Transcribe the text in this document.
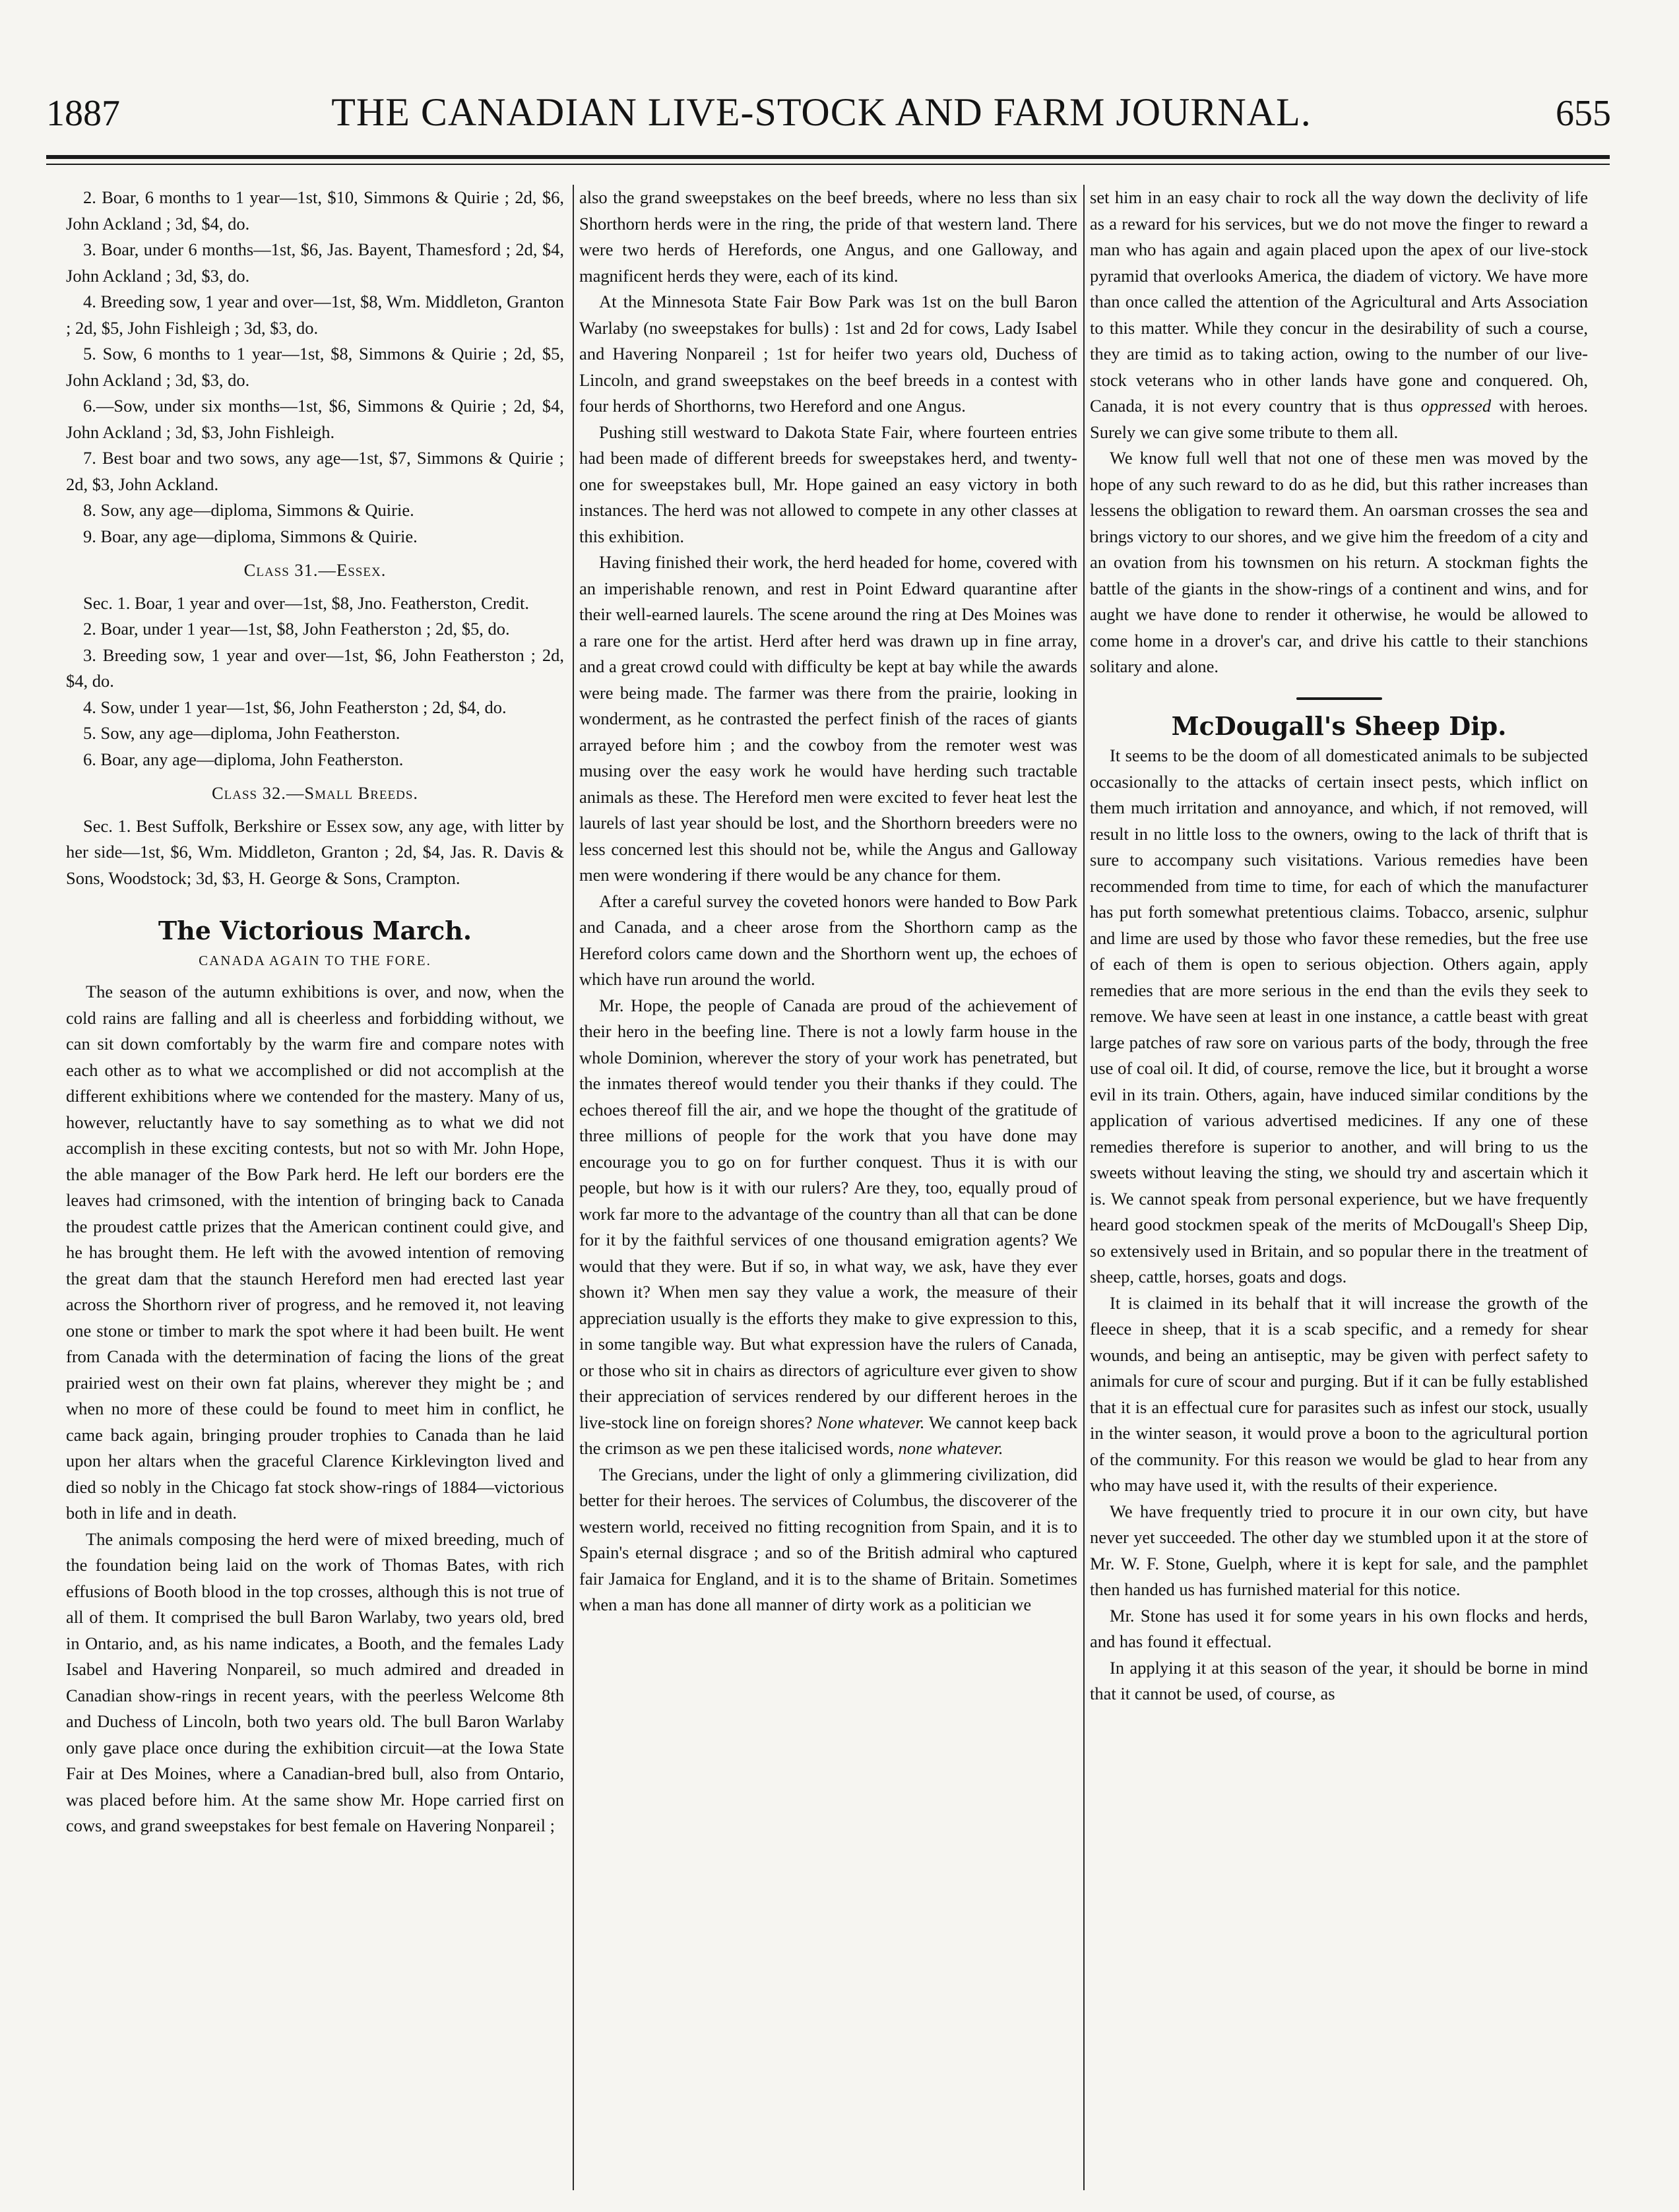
1887	THE CANADIAN LIVE-STOCK AND FARM JOURNAL.	655

2. Boar, 6 months to 1 year—1st, $10, Simmons & Quirie ; 2d, $6, John Ackland ; 3d, $4, do.

3. Boar, under 6 months—1st, $6, Jas. Bayent, Thamesford ; 2d, $4, John Ackland ; 3d, $3, do.

4. Breeding sow, 1 year and over—1st, $8, Wm. Middleton, Granton ; 2d, $5, John Fishleigh ; 3d, $3, do.

5. Sow, 6 months to 1 year—1st, $8, Simmons & Quirie ; 2d, $5, John Ackland ; 3d, $3, do.

6.—Sow, under six months—1st, $6, Simmons & Quirie ; 2d, $4, John Ackland ; 3d, $3, John Fishleigh.

7. Best boar and two sows, any age—1st, $7, Simmons & Quirie ; 2d, $3, John Ackland.

8. Sow, any age—diploma, Simmons & Quirie.

9. Boar, any age—diploma, Simmons & Quirie.

Class 31.—Essex.

Sec. 1. Boar, 1 year and over—1st, $8, Jno. Featherston, Credit.

2. Boar, under 1 year—1st, $8, John Featherston ; 2d, $5, do.

3. Breeding sow, 1 year and over—1st, $6, John Featherston ; 2d, $4, do.

4. Sow, under 1 year—1st, $6, John Featherston ; 2d, $4, do.

5. Sow, any age—diploma, John Featherston.

6. Boar, any age—diploma, John Featherston.

Class 32.—Small Breeds.

Sec. 1. Best Suffolk, Berkshire or Essex sow, any age, with litter by her side—1st, $6, Wm. Middleton, Granton ; 2d, $4, Jas. R. Davis & Sons, Woodstock; 3d, $3, H. George & Sons, Crampton.

The Victorious March.
CANADA AGAIN TO THE FORE.

The season of the autumn exhibitions is over, and now, when the cold rains are falling and all is cheerless and forbidding without, we can sit down comfortably by the warm fire and compare notes with each other as to what we accomplished or did not accomplish at the different exhibitions where we contended for the mastery. Many of us, however, reluctantly have to say something as to what we did not accomplish in these exciting contests, but not so with Mr. John Hope, the able manager of the Bow Park herd. He left our borders ere the leaves had crimsoned, with the intention of bringing back to Canada the proudest cattle prizes that the American continent could give, and he has brought them. He left with the avowed intention of removing the great dam that the staunch Hereford men had erected last year across the Shorthorn river of progress, and he removed it, not leaving one stone or timber to mark the spot where it had been built. He went from Canada with the determination of facing the lions of the great prairied west on their own fat plains, wherever they might be ; and when no more of these could be found to meet him in conflict, he came back again, bringing prouder trophies to Canada than he laid upon her altars when the graceful Clarence Kirklevington lived and died so nobly in the Chicago fat stock show-rings of 1884—victorious both in life and in death.

The animals composing the herd were of mixed breeding, much of the foundation being laid on the work of Thomas Bates, with rich effusions of Booth blood in the top crosses, although this is not true of all of them. It comprised the bull Baron Warlaby, two years old, bred in Ontario, and, as his name indicates, a Booth, and the females Lady Isabel and Havering Nonpareil, so much admired and dreaded in Canadian show-rings in recent years, with the peerless Welcome 8th and Duchess of Lincoln, both two years old. The bull Baron Warlaby only gave place once during the exhibition circuit—at the Iowa State Fair at Des Moines, where a Canadian-bred bull, also from Ontario, was placed before him. At the same show Mr. Hope carried first on cows, and grand sweepstakes for best female on Havering Nonpareil ;

also the grand sweepstakes on the beef breeds, where no less than six Shorthorn herds were in the ring, the pride of that western land. There were two herds of Herefords, one Angus, and one Galloway, and magnificent herds they were, each of its kind.

At the Minnesota State Fair Bow Park was 1st on the bull Baron Warlaby (no sweepstakes for bulls) : 1st and 2d for cows, Lady Isabel and Havering Nonpareil ; 1st for heifer two years old, Duchess of Lincoln, and grand sweepstakes on the beef breeds in a contest with four herds of Shorthorns, two Hereford and one Angus.

Pushing still westward to Dakota State Fair, where fourteen entries had been made of different breeds for sweepstakes herd, and twenty-one for sweepstakes bull, Mr. Hope gained an easy victory in both instances. The herd was not allowed to compete in any other classes at this exhibition.

Having finished their work, the herd headed for home, covered with an imperishable renown, and rest in Point Edward quarantine after their well-earned laurels. The scene around the ring at Des Moines was a rare one for the artist. Herd after herd was drawn up in fine array, and a great crowd could with difficulty be kept at bay while the awards were being made. The farmer was there from the prairie, looking in wonderment, as he contrasted the perfect finish of the races of giants arrayed before him ; and the cowboy from the remoter west was musing over the easy work he would have herding such tractable animals as these. The Hereford men were excited to fever heat lest the laurels of last year should be lost, and the Shorthorn breeders were no less concerned lest this should not be, while the Angus and Galloway men were wondering if there would be any chance for them.

After a careful survey the coveted honors were handed to Bow Park and Canada, and a cheer arose from the Shorthorn camp as the Hereford colors came down and the Shorthorn went up, the echoes of which have run around the world.

Mr. Hope, the people of Canada are proud of the achievement of their hero in the beefing line. There is not a lowly farm house in the whole Dominion, wherever the story of your work has penetrated, but the inmates thereof would tender you their thanks if they could. The echoes thereof fill the air, and we hope the thought of the gratitude of three millions of people for the work that you have done may encourage you to go on for further conquest. Thus it is with our people, but how is it with our rulers? Are they, too, equally proud of work far more to the advantage of the country than all that can be done for it by the faithful services of one thousand emigration agents? We would that they were. But if so, in what way, we ask, have they ever shown it? When men say they value a work, the measure of their appreciation usually is the efforts they make to give expression to this, in some tangible way. But what expression have the rulers of Canada, or those who sit in chairs as directors of agriculture ever given to show their appreciation of services rendered by our different heroes in the live-stock line on foreign shores? None whatever. We cannot keep back the crimson as we pen these italicised words, none whatever.

The Grecians, under the light of only a glimmering civilization, did better for their heroes. The services of Columbus, the discoverer of the western world, received no fitting recognition from Spain, and it is to Spain's eternal disgrace ; and so of the British admiral who captured fair Jamaica for England, and it is to the shame of Britain. Sometimes when a man has done all manner of dirty work as a politician we

set him in an easy chair to rock all the way down the declivity of life as a reward for his services, but we do not move the finger to reward a man who has again and again placed upon the apex of our live-stock pyramid that overlooks America, the diadem of victory. We have more than once called the attention of the Agricultural and Arts Association to this matter. While they concur in the desirability of such a course, they are timid as to taking action, owing to the number of our live-stock veterans who in other lands have gone and conquered. Oh, Canada, it is not every country that is thus oppressed with heroes. Surely we can give some tribute to them all.

We know full well that not one of these men was moved by the hope of any such reward to do as he did, but this rather increases than lessens the obligation to reward them. An oarsman crosses the sea and brings victory to our shores, and we give him the freedom of a city and an ovation from his townsmen on his return. A stockman fights the battle of the giants in the show-rings of a continent and wins, and for aught we have done to render it otherwise, he would be allowed to come home in a drover's car, and drive his cattle to their stanchions solitary and alone.

McDougall's Sheep Dip.

It seems to be the doom of all domesticated animals to be subjected occasionally to the attacks of certain insect pests, which inflict on them much irritation and annoyance, and which, if not removed, will result in no little loss to the owners, owing to the lack of thrift that is sure to accompany such visitations. Various remedies have been recommended from time to time, for each of which the manufacturer has put forth somewhat pretentious claims. Tobacco, arsenic, sulphur and lime are used by those who favor these remedies, but the free use of each of them is open to serious objection. Others again, apply remedies that are more serious in the end than the evils they seek to remove. We have seen at least in one instance, a cattle beast with great large patches of raw sore on various parts of the body, through the free use of coal oil. It did, of course, remove the lice, but it brought a worse evil in its train. Others, again, have induced similar conditions by the application of various advertised medicines. If any one of these remedies therefore is superior to another, and will bring to us the sweets without leaving the sting, we should try and ascertain which it is. We cannot speak from personal experience, but we have frequently heard good stockmen speak of the merits of McDougall's Sheep Dip, so extensively used in Britain, and so popular there in the treatment of sheep, cattle, horses, goats and dogs.

It is claimed in its behalf that it will increase the growth of the fleece in sheep, that it is a scab specific, and a remedy for shear wounds, and being an antiseptic, may be given with perfect safety to animals for cure of scour and purging. But if it can be fully established that it is an effectual cure for parasites such as infest our stock, usually in the winter season, it would prove a boon to the agricultural portion of the community. For this reason we would be glad to hear from any who may have used it, with the results of their experience.

We have frequently tried to procure it in our own city, but have never yet succeeded. The other day we stumbled upon it at the store of Mr. W. F. Stone, Guelph, where it is kept for sale, and the pamphlet then handed us has furnished material for this notice.

Mr. Stone has used it for some years in his own flocks and herds, and has found it effectual.

In applying it at this season of the year, it should be borne in mind that it cannot be used, of course, as
